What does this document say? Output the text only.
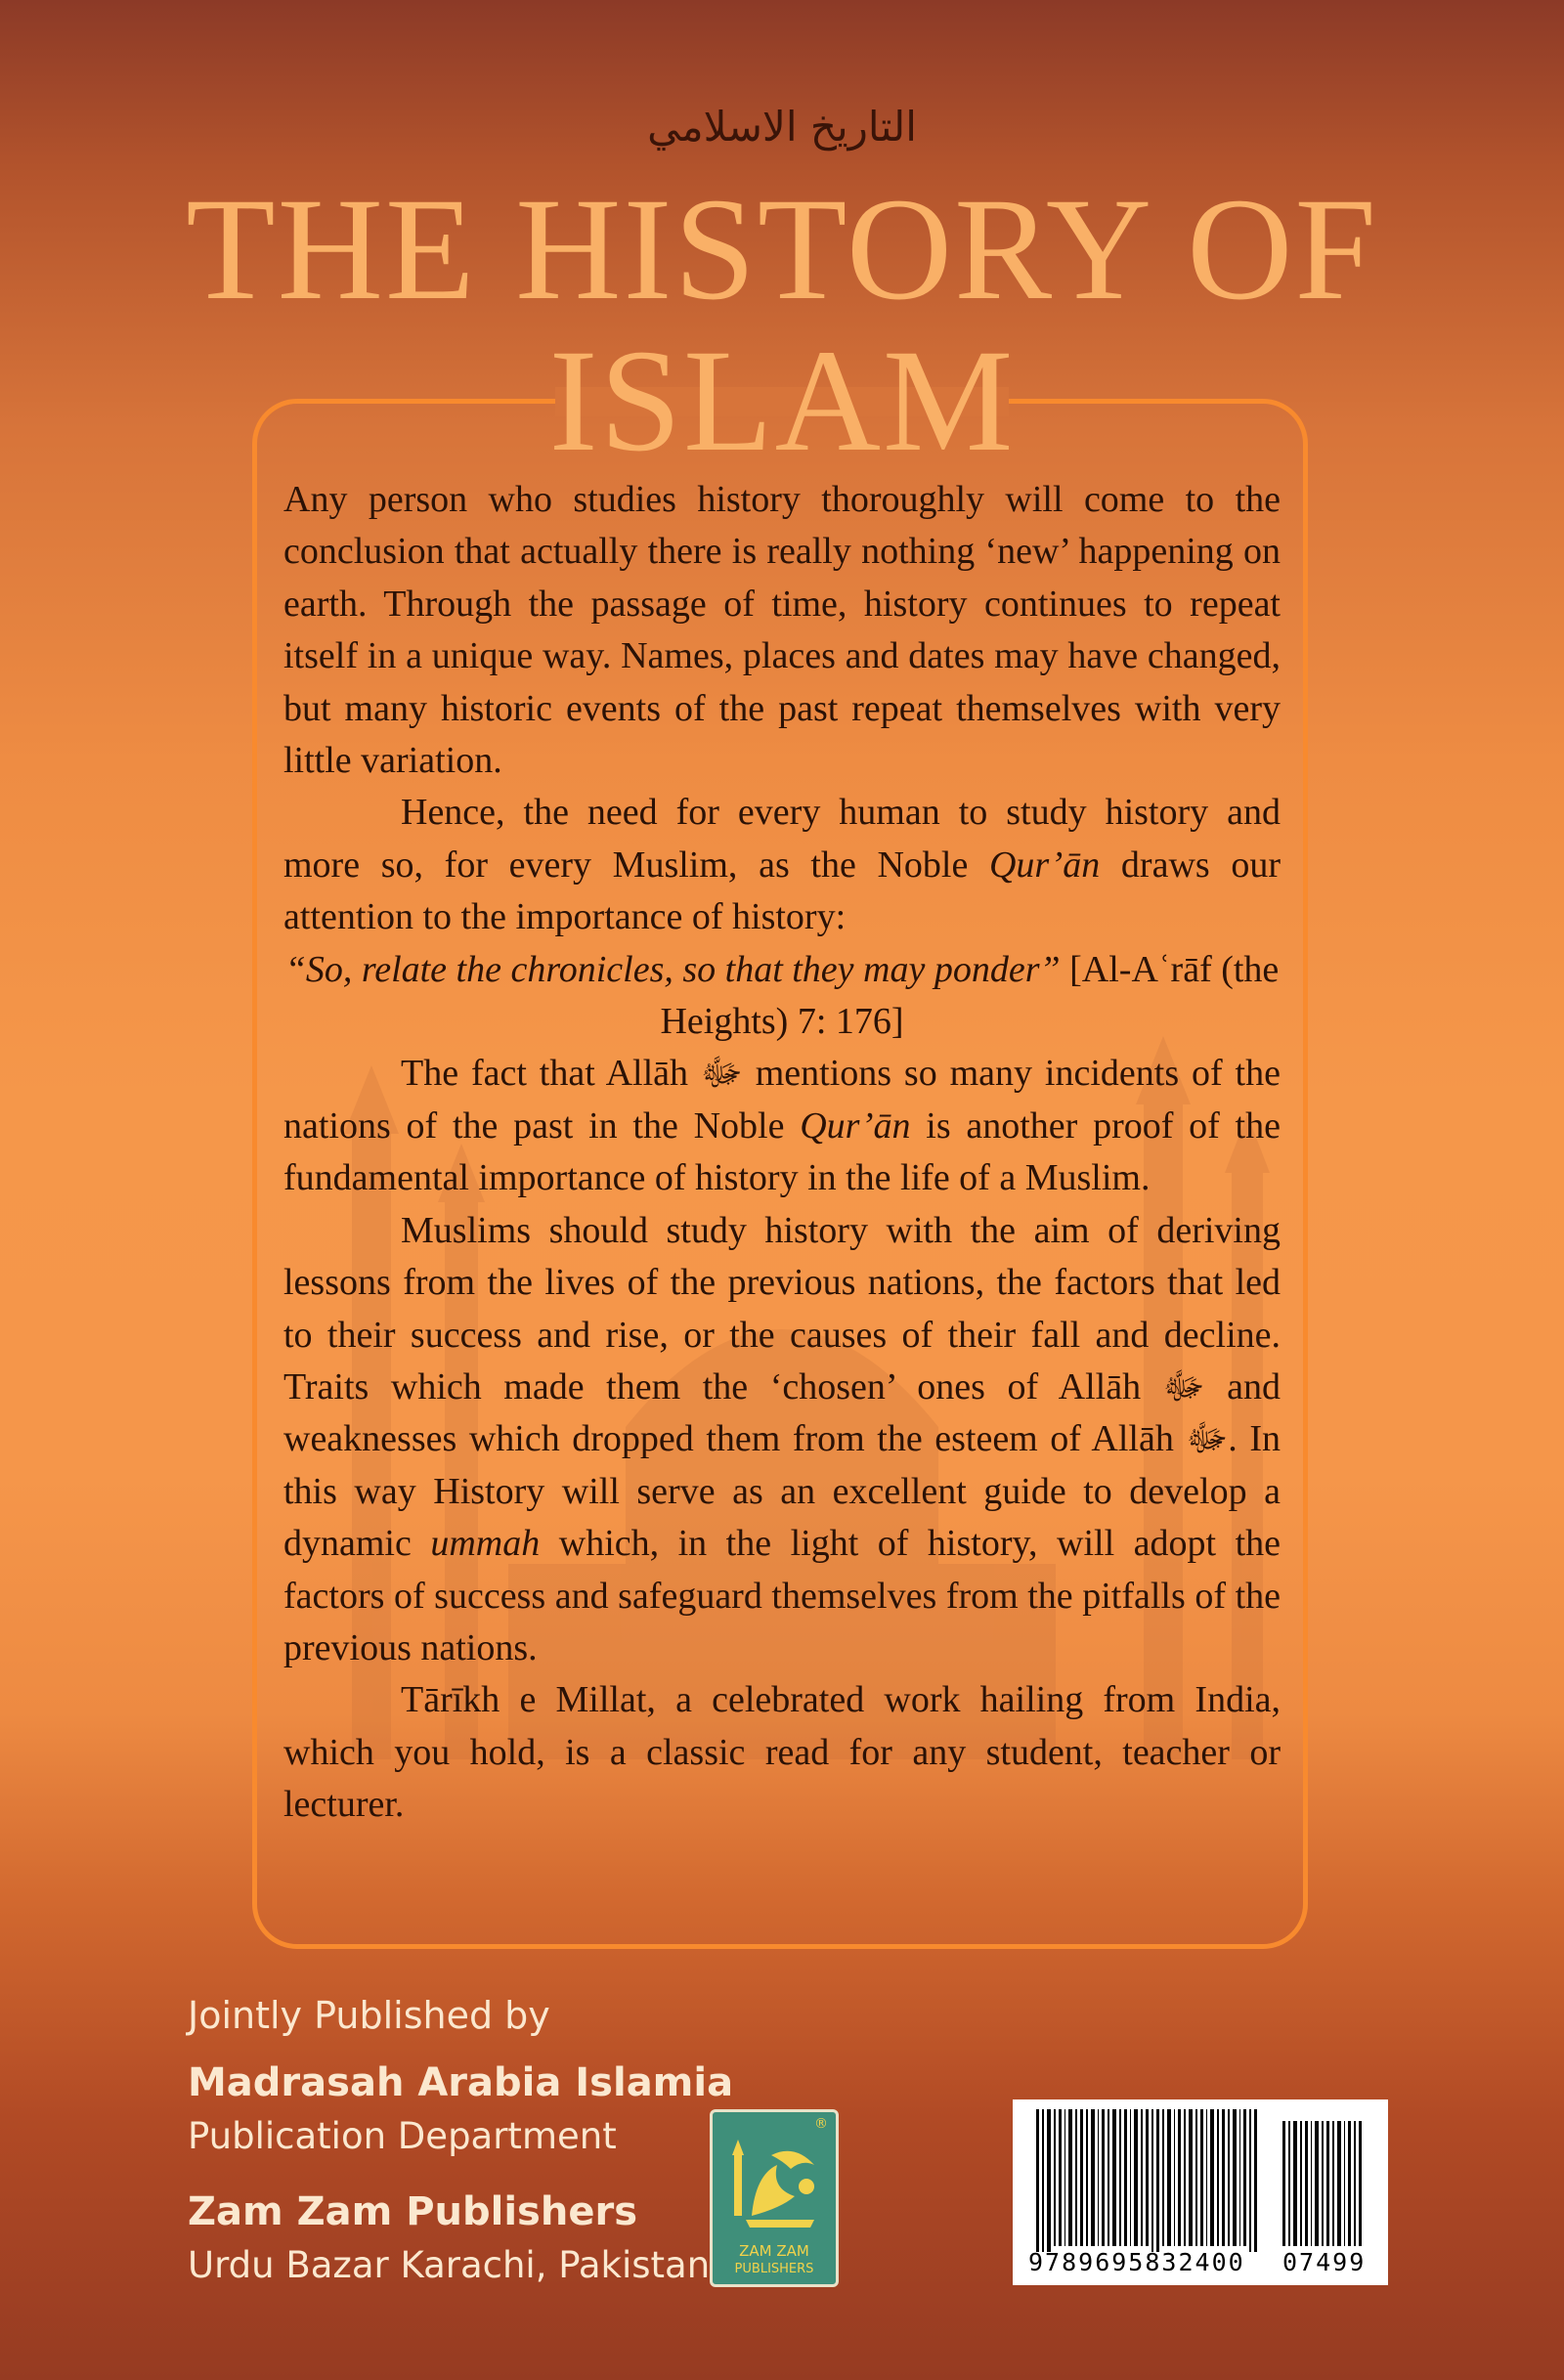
التاريخ الاسلامي
THE HISTORY OF
ISLAM

Any person who studies history thoroughly will come to the conclusion that actually there is really nothing ‘new’ happening on earth. Through the passage of time, history continues to repeat itself in a unique way. Names, places and dates may have changed, but many historic events of the past repeat themselves with very little variation.

Hence, the need for every human to study history and more so, for every Muslim, as the Noble Qur’ān draws our attention to the importance of history:

“So, relate the chronicles, so that they may ponder” [Al-Aʿrāf (the Heights) 7: 176]

The fact that Allāh ﷻ mentions so many incidents of the nations of the past in the Noble Qur’ān is another proof of the fundamental importance of history in the life of a Muslim.

Muslims should study history with the aim of deriving lessons from the lives of the previous nations, the factors that led to their success and rise, or the causes of their fall and decline. Traits which made them the ‘chosen’ ones of Allāh ﷻ and weaknesses which dropped them from the esteem of Allāh ﷻ. In this way History will serve as an excellent guide to develop a dynamic ummah which, in the light of history, will adopt the factors of success and safeguard themselves from the pitfalls of the previous nations.

Tārīkh e Millat, a celebrated work hailing from India, which you hold, is a classic read for any student, teacher or lecturer.

Jointly Published by
Madrasah Arabia Islamia
Publication Department
Zam Zam Publishers
Urdu Bazar Karachi, Pakistan
®
ZAM ZAM
PUBLISHERS	9789695832400 07499
